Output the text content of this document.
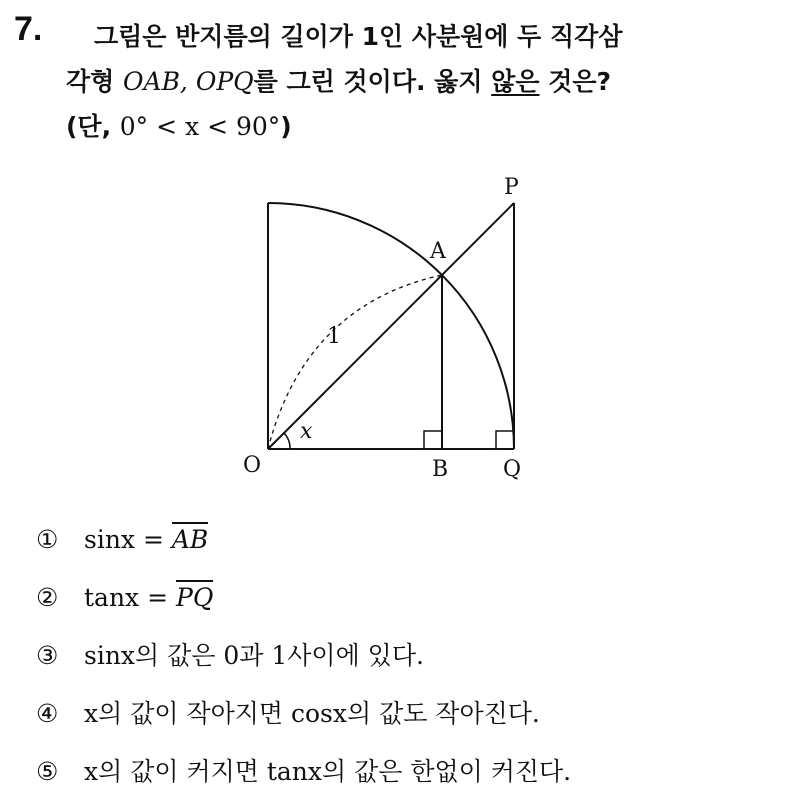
7.	그림은 반지름의 길이가 1인 사분원에 두 직각삼
각형 OAB, OPQ를 그린 것이다. 옳지 않은 것은?
(단, 0° < x < 90°)
O	B Q
A
P
1
x
① sinx = AB
② tanx = PQ
③ sinx의 값은 0과 1사이에 있다.
④ x의 값이 작아지면 cosx의 값도 작아진다.
⑤ x의 값이 커지면 tanx의 값은 한없이 커진다.
